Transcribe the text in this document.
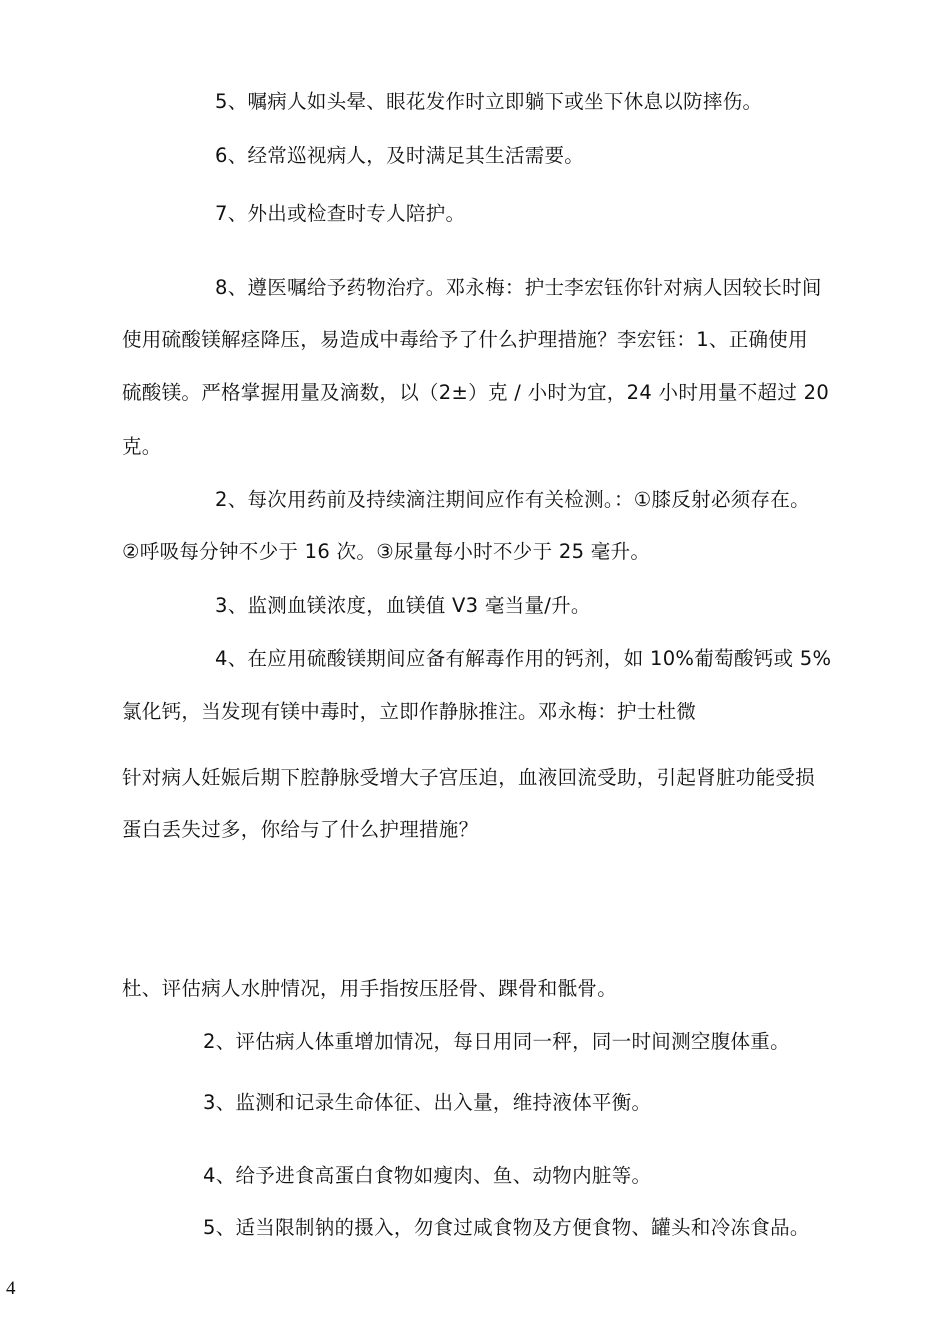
5、嘱病人如头晕、眼花发作时立即躺下或坐下休息以防摔伤。
6、经常巡视病人，及时满足其生活需要。
7、外出或检查时专人陪护。
8、遵医嘱给予药物治疗。邓永梅：护士李宏钰你针对病人因较长时间
使用硫酸镁解痉降压，易造成中毒给予了什么护理措施？李宏钰：1、正确使用
硫酸镁。严格掌握用量及滴数，以（2±）克 / 小时为宜，24 小时用量不超过 20
克。
2、每次用药前及持续滴注期间应作有关检测。：①膝反射必须存在。
②呼吸每分钟不少于 16 次。③尿量每小时不少于 25 毫升。
3、监测血镁浓度，血镁值 V3 毫当量/升。
4、在应用硫酸镁期间应备有解毒作用的钙剂，如 10%葡萄酸钙或 5%
氯化钙，当发现有镁中毒时，立即作静脉推注。邓永梅：护士杜微
针对病人妊娠后期下腔静脉受增大子宫压迫，血液回流受助，引起肾脏功能受损
蛋白丢失过多，你给与了什么护理措施？
杜、评估病人水肿情况，用手指按压胫骨、踝骨和骶骨。
2、评估病人体重增加情况，每日用同一秤，同一时间测空腹体重。
3、监测和记录生命体征、出入量，维持液体平衡。
4、给予进食高蛋白食物如瘦肉、鱼、动物内脏等。
5、适当限制钠的摄入，勿食过咸食物及方便食物、罐头和冷冻食品。
4
